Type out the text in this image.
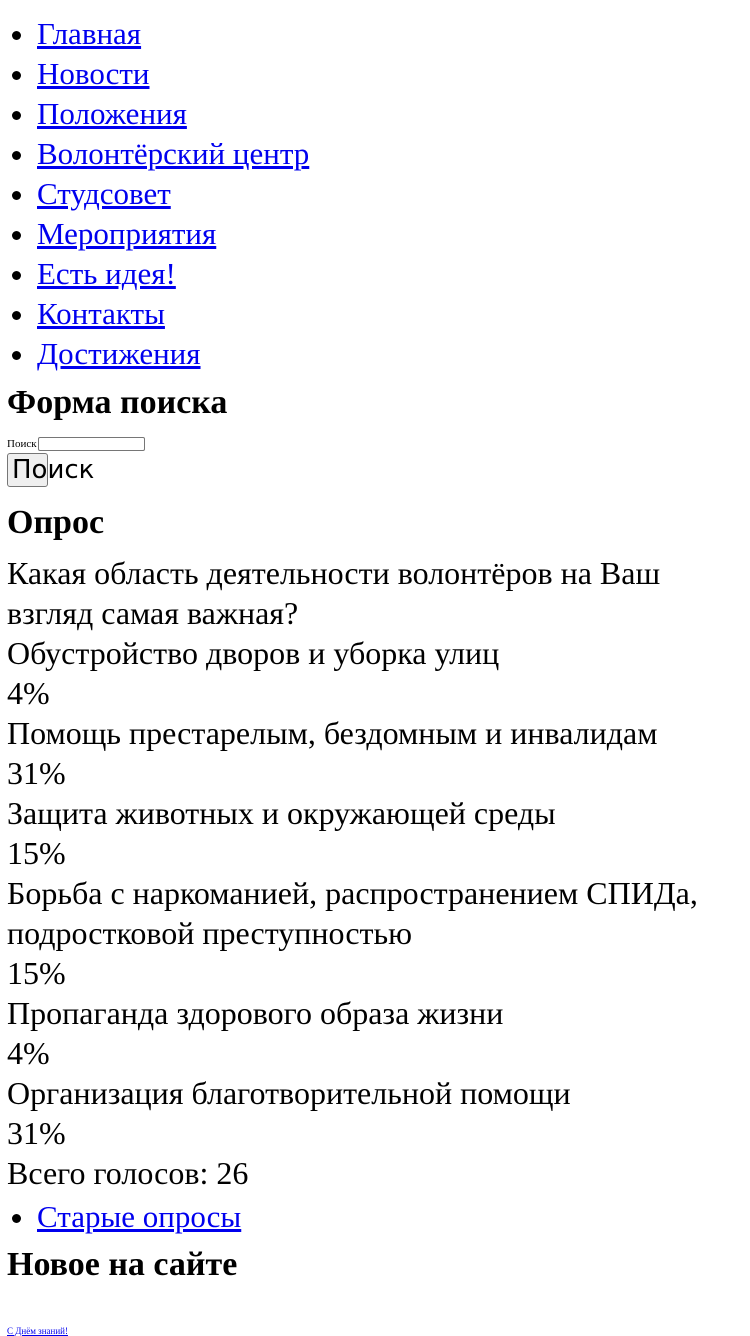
• Главная
• Новости
• Положения
• Волонтёрский центр
• Студсовет
• Мероприятия
• Есть идея!
• Контакты
• Достижения
Форма поиска
Поиск
Поиск
Опрос
Какая область деятельности волонтёров на Ваш взгляд самая важная?
Обустройство дворов и уборка улиц
4%
Помощь престарелым, бездомным и инвалидам
31%
Защита животных и окружающей среды
15%
Борьба с наркоманией, распространением СПИДа, подростковой преступностью
15%
Пропаганда здорового образа жизни
4%
Организация благотворительной помощи
31%
Всего голосов: 26
• Старые опросы
Новое на сайте
С Днём знаний!
